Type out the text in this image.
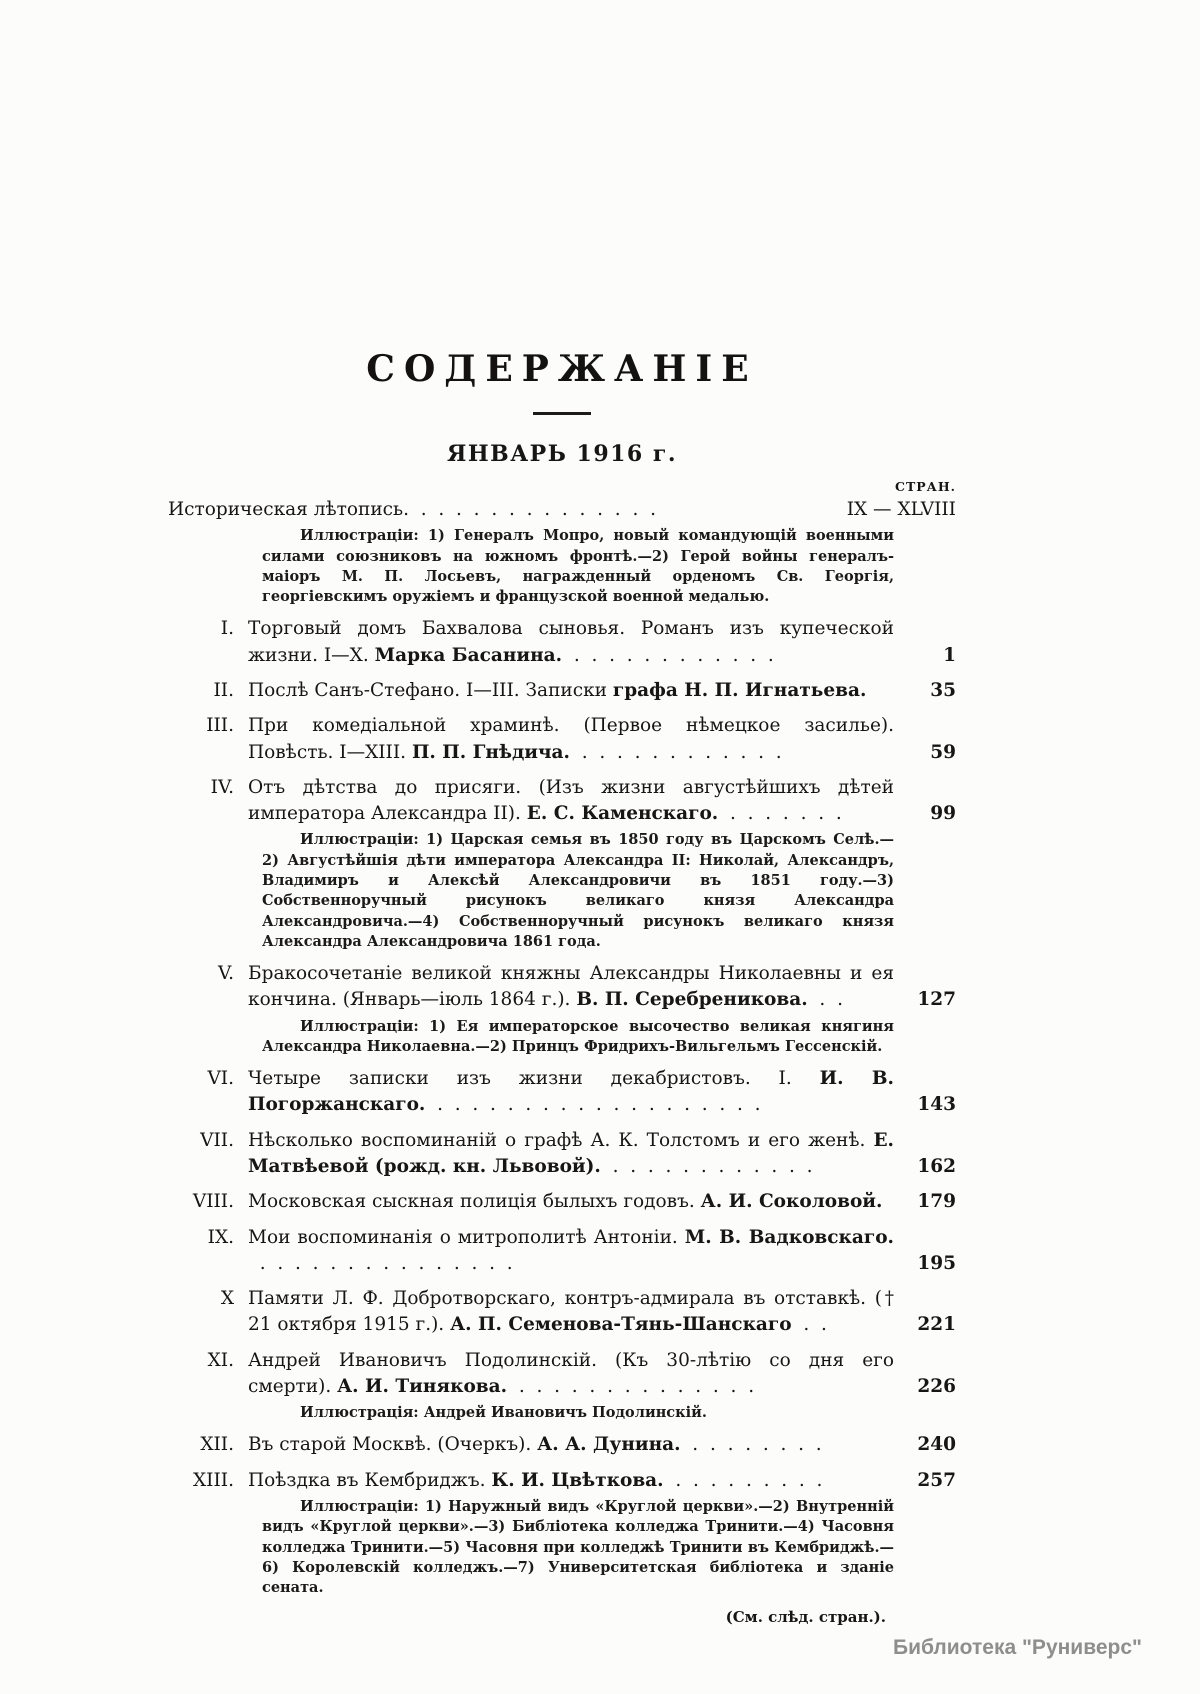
СОДЕРЖАНІЕ
ЯНВАРЬ 1916 г.
СТРАН.
Историческая лѣтопись.  .  .  .  .  .  .  .  .  .  .  .  .  .  .	IX — XLVIII
Иллюстраціи: 1) Генералъ Мопро, новый командующій военными силами союзниковъ на южномъ фронтѣ.—2) Герой войны генералъ-маіоръ М. П. Лосьевъ, награжденный орденомъ Св. Георгія, георгіевскимъ оружіемъ и французской военной медалью.
I. Торговый домъ Бахвалова сыновья. Романъ изъ купеческой жизни. I—X. Марка Басанина.  .  .  .  .  .  .  .  .  .  .  .  .	1
II. Послѣ Санъ-Стефано. I—III. Записки графа Н. П. Игнатьева.	35
III. При комедіальной храминѣ. (Первое нѣмецкое засилье). Повѣсть. I—XIII. П. П. Гнѣдича.  .  .  .  .  .  .  .  .  .  .  .  .	59
IV. Отъ дѣтства до присяги. (Изъ жизни августѣйшихъ дѣтей императора Александра II). Е. С. Каменскаго.  .  .  .  .  .  .  .	99
Иллюстраціи: 1) Царская семья въ 1850 году въ Царскомъ Селѣ.— 2) Августѣйшія дѣти императора Александра II: Николай, Александръ, Владимиръ и Алексѣй Александровичи въ 1851 году.—3) Собственноручный рисунокъ великаго князя Александра Александровича.—4) Собственноручный рисунокъ великаго князя Александра Александровича 1861 года.
V. Бракосочетаніе великой княжны Александры Николаевны и ея кончина. (Январь—іюль 1864 г.). В. П. Серебреникова.  .  .	127
Иллюстраціи: 1) Ея императорское высочество великая княгиня Александра Николаевна.—2) Принцъ Фридрихъ-Вильгельмъ Гессенскій.
VI. Четыре записки изъ жизни декабристовъ. I. И. В. Погоржанскаго.  .  .  .  .  .  .  .  .  .  .  .  .  .  .  .  .  .  .  .	143
VII. Нѣсколько воспоминаній о графѣ А. К. Толстомъ и его женѣ. Е. Матвѣевой (рожд. кн. Львовой).  .  .  .  .  .  .  .  .  .  .  .  .	162
VIII. Московская сыскная полиція былыхъ годовъ. А. И. Соколовой.	179
IX. Мои воспоминанія о митрополитѣ Антоніи. М. В. Вадковскаго.  .  .  .  .  .  .  .  .  .  .  .  .  .  .  .	195
X Памяти Л. Ф. Добротворскаго, контръ-адмирала въ отставкѣ. († 21 октября 1915 г.). А. П. Семенова-Тянь-Шанскаго  .  .	221
XI. Андрей Ивановичъ Подолинскій. (Къ 30-лѣтію со дня его смерти). А. И. Тинякова.  .  .  .  .  .  .  .  .  .  .  .  .  .  .	226
Иллюстрація: Андрей Ивановичъ Подолинскій.
XII. Въ старой Москвѣ. (Очеркъ). А. А. Дунина.  .  .  .  .  .  .  .  .	240
XIII. Поѣздка въ Кембриджъ. К. И. Цвѣткова.  .  .  .  .  .  .  .  .  .	257
Иллюстраціи: 1) Наружный видъ «Круглой церкви».—2) Внутренній видъ «Круглой церкви».—3) Библіотека колледжа Тринити.—4) Часовня колледжа Тринити.—5) Часовня при колледжѣ Тринити въ Кембриджѣ.— 6) Королевскій колледжъ.—7) Университетская библіотека и зданіе сената.
(См. слѣд. стран.).
Библиотека "Руниверс"
